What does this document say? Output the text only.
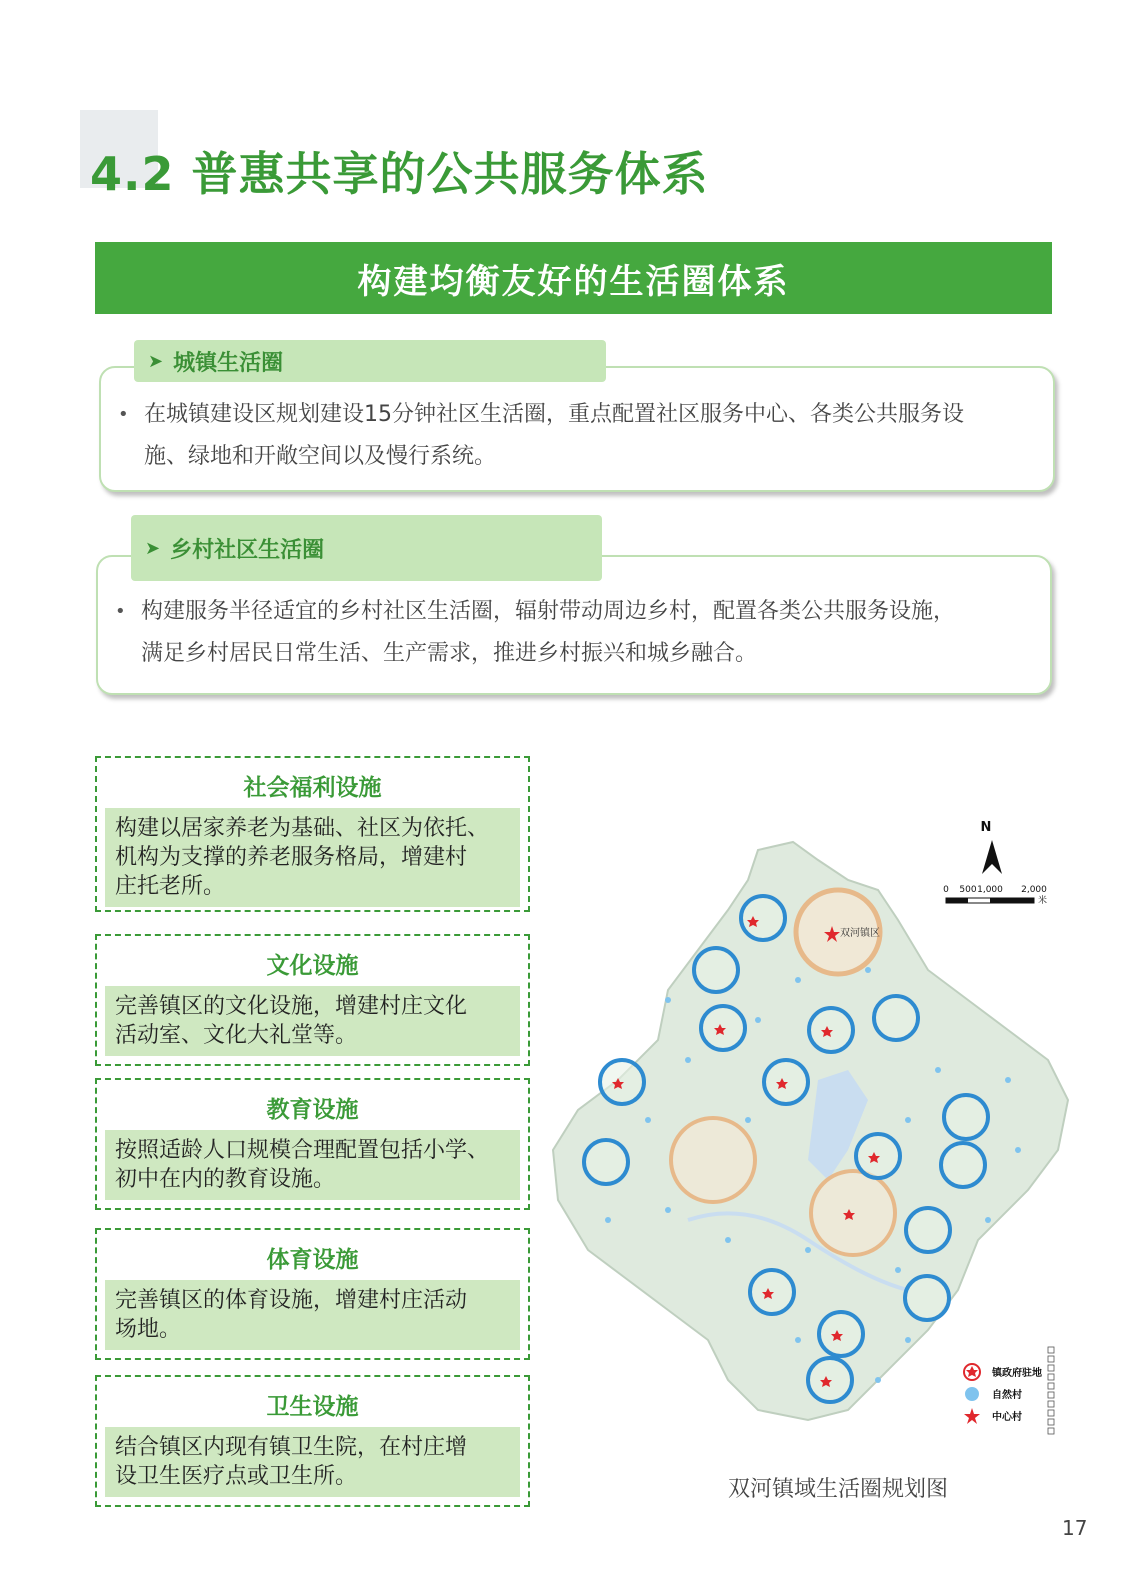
4.2 普惠共享的公共服务体系
构建均衡友好的生活圈体系
➤ 城镇生活圈
• 在城镇建设区规划建设15分钟社区生活圈，重点配置社区服务中心、各类公共服务设
施、绿地和开敞空间以及慢行系统。
➤ 乡村社区生活圈
• 构建服务半径适宜的乡村社区生活圈，辐射带动周边乡村，配置各类公共服务设施，
满足乡村居民日常生活、生产需求，推进乡村振兴和城乡融合。
社会福利设施
构建以居家养老为基础、社区为依托、
机构为支撑的养老服务格局，增建村
庄托老所。
文化设施
完善镇区的文化设施，增建村庄文化
活动室、文化大礼堂等。
教育设施
按照适龄人口规模合理配置包括小学、
初中在内的教育设施。
体育设施
完善镇区的体育设施，增建村庄活动
场地。
卫生设施
结合镇区内现有镇卫生院，在村庄增
设卫生医疗点或卫生所。
双河镇区
N
0 500 1,000 2,000
米
镇政府驻地
自然村
中心村
双河镇域生活圈规划图
17
